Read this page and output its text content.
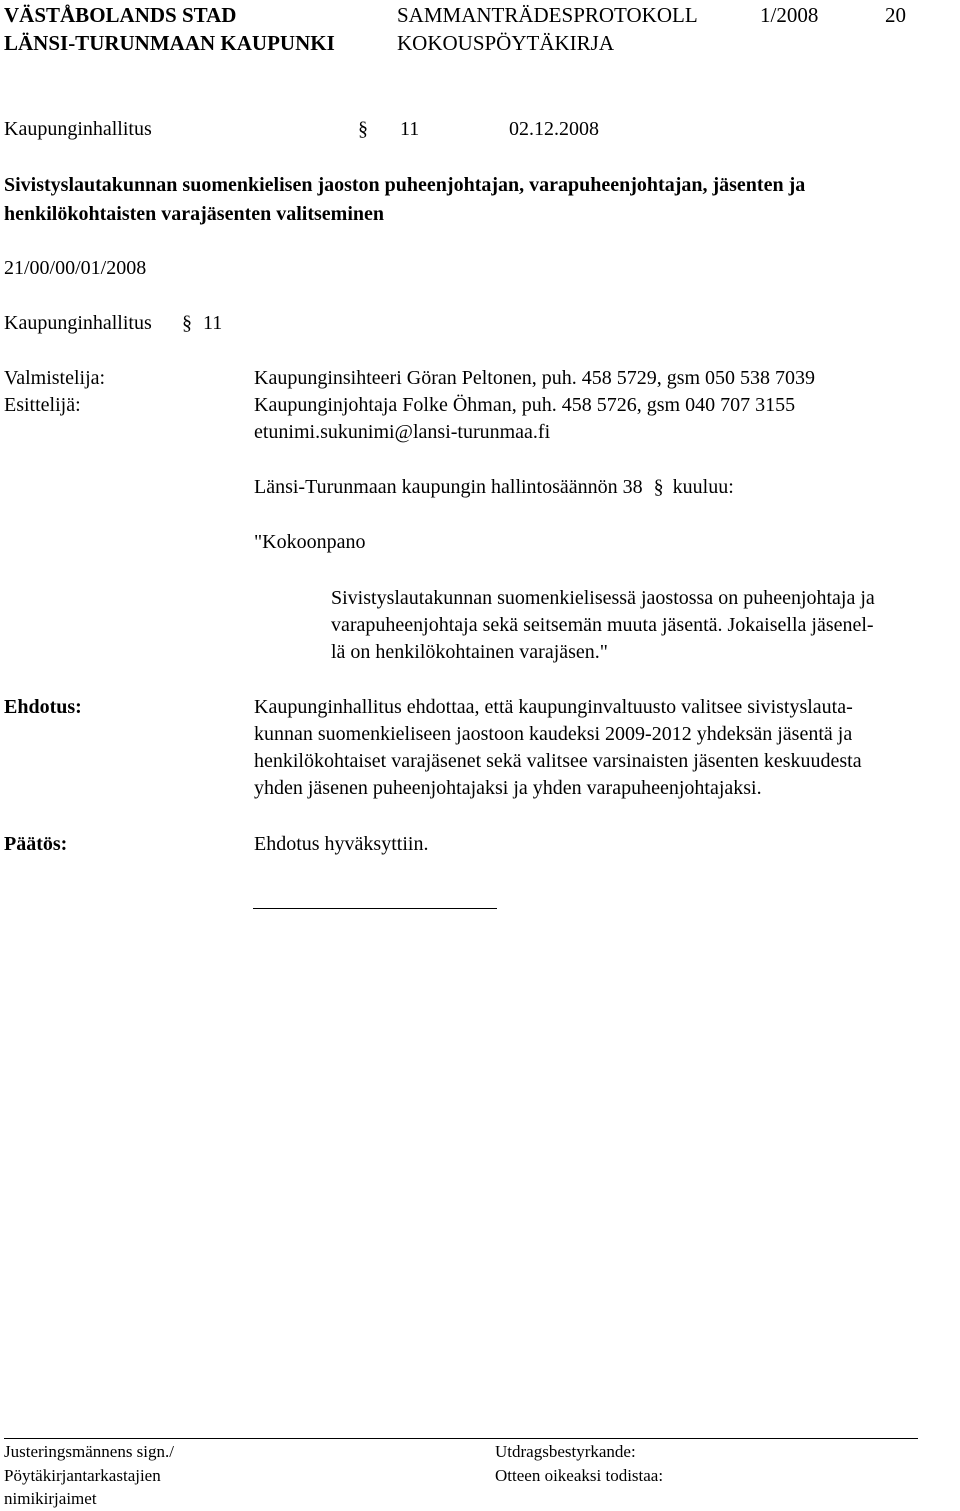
VÄSTÅBOLANDS STAD
LÄNSI-TURUNMAAN KAUPUNKI
SAMMANTRÄDESPROTOKOLL
KOKOUSPÖYTÄKIRJA
1/2008	20
Kaupunginhallitus	§ 11	02.12.2008
Sivistyslautakunnan suomenkielisen jaoston puheenjohtajan, varapuheenjohtajan, jäsenten ja henkilökohtaisten varajäsenten valitseminen
21/00/00/01/2008
Kaupunginhallitus § 11
Valmistelija:	Kaupunginsihteeri Göran Peltonen, puh. 458 5729, gsm 050 538 7039
Esittelijä:	Kaupunginjohtaja Folke Öhman, puh. 458 5726, gsm 040 707 3155
etunimi.sukunimi@lansi-turunmaa.fi
Länsi-Turunmaan kaupungin hallintosäännön 38 § kuuluu:
"Kokoonpano
Sivistyslautakunnan suomenkielisessä jaostossa on puheenjohtaja ja
varapuheenjohtaja sekä seitsemän muuta jäsentä. Jokaisella jäsenel-
lä on henkilökohtainen varajäsen."
Ehdotus:	Kaupunginhallitus ehdottaa, että kaupunginvaltuusto valitsee sivistyslauta-
kunnan suomenkieliseen jaostoon kaudeksi 2009-2012 yhdeksän jäsentä ja
henkilökohtaiset varajäsenet sekä valitsee varsinaisten jäsenten keskuudesta
yhden jäsenen puheenjohtajaksi ja yhden varapuheenjohtajaksi.
Päätös:	Ehdotus hyväksyttiin.
Justeringsmännens sign./
Pöytäkirjantarkastajien
nimikirjaimet
Utdragsbestyrkande:
Otteen oikeaksi todistaa:
